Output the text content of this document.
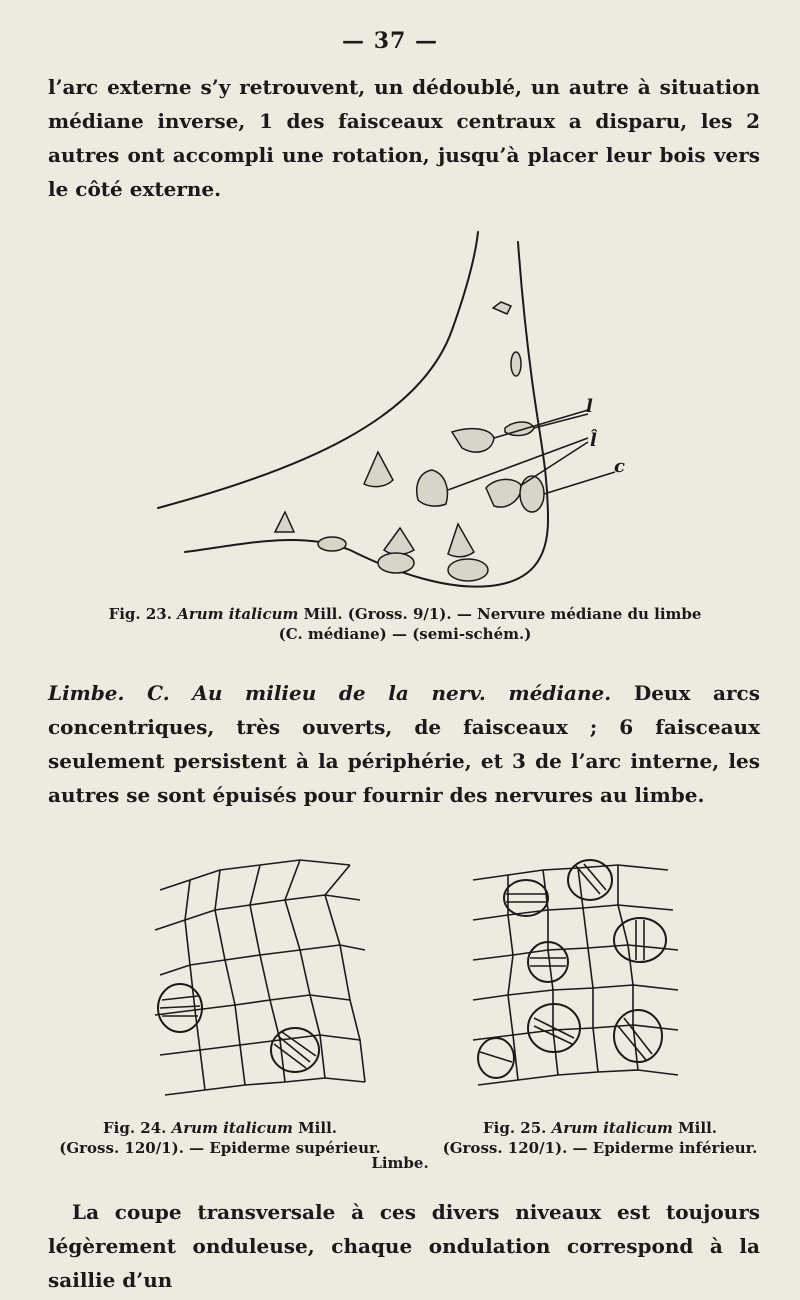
— 37 —

l’arc externe s’y retrouvent, un dédoublé, un autre à situation médiane inverse, 1 des faisceaux centraux a disparu, les 2 autres ont accompli une rotation, jusqu’à placer leur bois vers le côté externe.

l
l̂
c

Fig. 23. Arum italicum Mill. (Gross. 9/1). — Nervure médiane du limbe
(C. médiane) — (semi-schém.)

Limbe. C. Au milieu de la nerv. médiane. Deux arcs concentriques, très ouverts, de faisceaux ; 6 faisceaux seulement persistent à la périphérie, et 3 de l’arc interne, les autres se sont épuisés pour fournir des nervures au limbe.

Fig. 24. Arum italicum Mill.
(Gross. 120/1). — Epiderme supérieur.

Fig. 25. Arum italicum Mill.
(Gross. 120/1). — Epiderme inférieur.

Limbe.

La coupe transversale à ces divers niveaux est toujours légèrement onduleuse, chaque ondulation correspond à la saillie d’un
